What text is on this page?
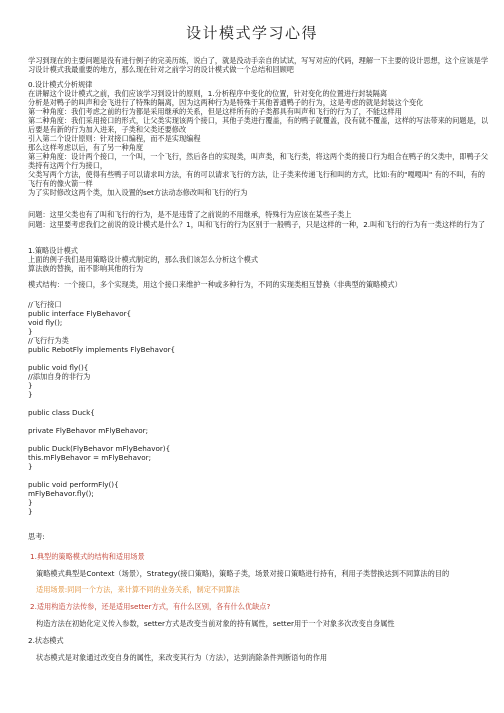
设计模式学习心得
学习到现在的主要问题是没有进行例子的完美历练，说白了，就是没动手亲自的试试，写写对应的代码，理解一下主要的设计思想，这个应该是学习设计模式我最重要的地方，那么现在针对之前学习的设计模式做一个总结和回顾吧
0.设计模式分析规律
在讲解这个设计模式之前，我们应该学习到设计的原则，1.分析程序中变化的位置，针对变化的位置进行封装隔离
分析是对鸭子的叫声和会飞进行了特殊的隔离，因为这两种行为是特殊于其他普通鸭子的行为，这是考虑的就是封装这个变化
第一种角度：我们考虑之前的行为都是采用继承的关系，但是这样所有的子类都具有叫声和飞行的行为了，不能这样用
第二种角度：我们采用接口的形式，让父类实现该两个接口，其他子类进行覆盖，有的鸭子就覆盖，没有就不覆盖，这样的写法带来的问题是，以后要是有新的行为加入进来，子类和父类还要修改
引入第二个设计原则：针对接口编程，而不是实现编程
那么这样考虑以后，有了另一种角度
第三种角度：设计两个接口，一个叫，一个飞行，然后各自的实现类，叫声类，和飞行类，将这两个类的接口行为组合在鸭子的父类中，即鸭子父类持有这两个行为接口，
父类写两个方法，使得有些鸭子可以请求叫方法，有的可以请求飞行的方法，让子类来传递飞行和叫的方式，比如:有的"嘎嘎叫" 有的不叫，有的飞行有的像火箭一样
为了实时修改这两个类，加入设置的set方法动态修改叫和飞行的行为
问题：这里父类也有了叫和飞行的行为，是不是违背了之前说的不用继承，特殊行为应该在某些子类上
问题：这里要考虑我们之前说的设计模式是什么？1，叫和飞行的行为区别于一般鸭子，只是这样的一种，2.叫和飞行的行为有一类这样的行为了
1.策略设计模式
上面的例子我们是用策略设计模式制定的，那么我们该怎么分析这个模式
算法族的替换，而不影响其他的行为
模式结构：一个接口，多个实现类，用这个接口来维护一种或多种行为，不同的实现类相互替换（非典型的策略模式）
//飞行接口
public interface FlyBehavor{
void fly();
}
//飞行行为类
public RebotFly implements FlyBehavor{
public void fly(){
//添加自身的非行为
}
}
public class Duck{
private FlyBehavor mFlyBehavor;
public Duck(FlyBehavor mFlyBehavor){
this.mFlyBehavor = mFlyBehavor;
}
public void performFly(){
mFlyBehavor.fly();
}
}
思考:
1.典型的策略模式的结构和适用场景
策略模式典型是Context（场景），Strategy(接口策略)，策略子类，场景对接口策略进行持有，利用子类替换达到不同算法的目的
适用场景:同同一个方法，来计算不同的业务关系，制定不同算法
2.适用构造方法传参，还是适用setter方式，有什么区别，各有什么优缺点?
构造方法在初始化定义传入参数，setter方式是改变当前对象的持有属性，setter用于一个对象多次改变自身属性
2.状态模式
状态模式是对象通过改变自身的属性，来改变其行为（方法），达到消除条件判断语句的作用
